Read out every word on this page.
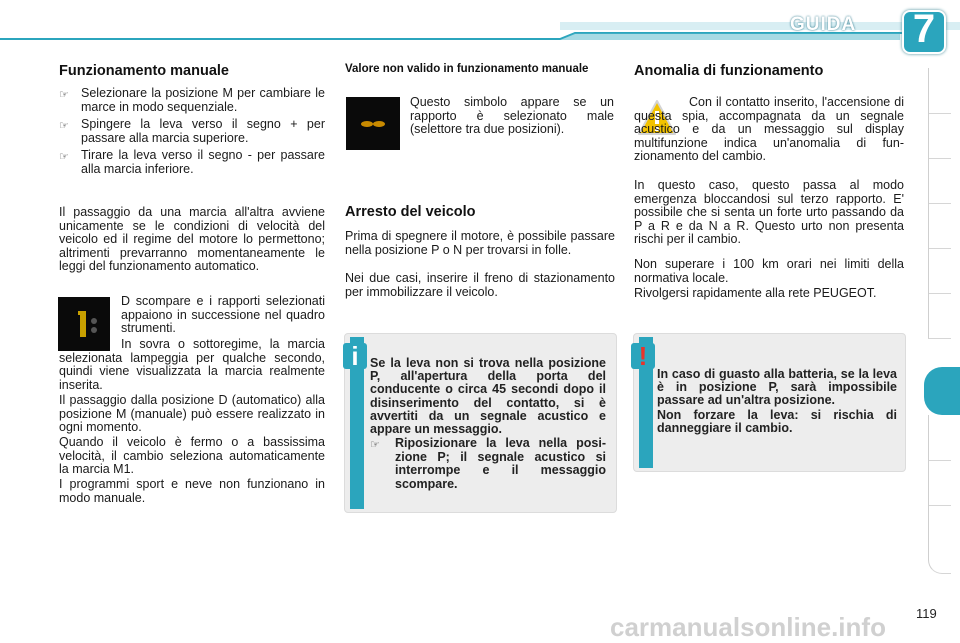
GUIDA 7
Funzionamento manuale
☞ Selezionare la posizione M per cambiare le marce in modo sequenziale.
☞ Spingere la leva verso il segno + per passare alla marcia superiore.
☞ Tirare la leva verso il segno - per passare alla marcia inferiore.

Il passaggio da una marcia all'altra avviene unicamente se le condizioni di velocità del veicolo ed il regime del motore lo permettono; altrimenti prevarranno momentaneamente le leggi del funzionamento automatico.

D scompare e i rapporti selezionati appaiono in successione nel quadro strumenti.

In sovra o sottoregime, la marcia selezionata lampeggia per qualche secondo, quindi viene visualizzata la marcia realmente inserita.

Il passaggio dalla posizione D (automatico) alla posizione M (manuale) può essere realizzato in ogni momento.

Quando il veicolo è fermo o a bassissima velocità, il cambio seleziona automaticamente la marcia M1.

I programmi sport e neve non funzionano in modo manuale.

Valore non valido in funzionamento manuale

Questo simbolo appare se un rapporto è selezionato male (selettore tra due posizioni).

Arresto del veicolo

Prima di spegnere il motore, è possibile passare nella posizione P o N per trovarsi in folle.

Nei due casi, inserire il freno di stazionamento per immobilizzare il veicolo.

i Se la leva non si trova nella posizione P, all'apertura della porta del conducente o circa 45 secondi dopo il disinserimento del contatto, si è avvertiti da un segnale acustico e appare un messaggio.

☞	Riposizionare la leva nella posizione P; il segnale acustico si interrompe e il messaggio scompare.
Anomalia di funzionamento

Con il contatto inserito, l'accensione di questa spia, accompagnata da un segnale acustico e da un messaggio sul display multifunzione indica un'anomalia di funzionamento del cambio.

In questo caso, questo passa al modo emergenza bloccandosi sul terzo rapporto. E' possibile che si senta un forte urto passando da P a R e da N a R. Questo urto non presenta rischi per il cambio.

Non superare i 100 km orari nei limiti della normativa locale.

Rivolgersi rapidamente alla rete PEUGEOT.

!

In caso di guasto alla batteria, se la leva è in posizione P, sarà impossibile passare ad un'altra posizione.

Non forzare la leva: si rischia di danneggiare il cambio.

carmanualsonline.info 119
